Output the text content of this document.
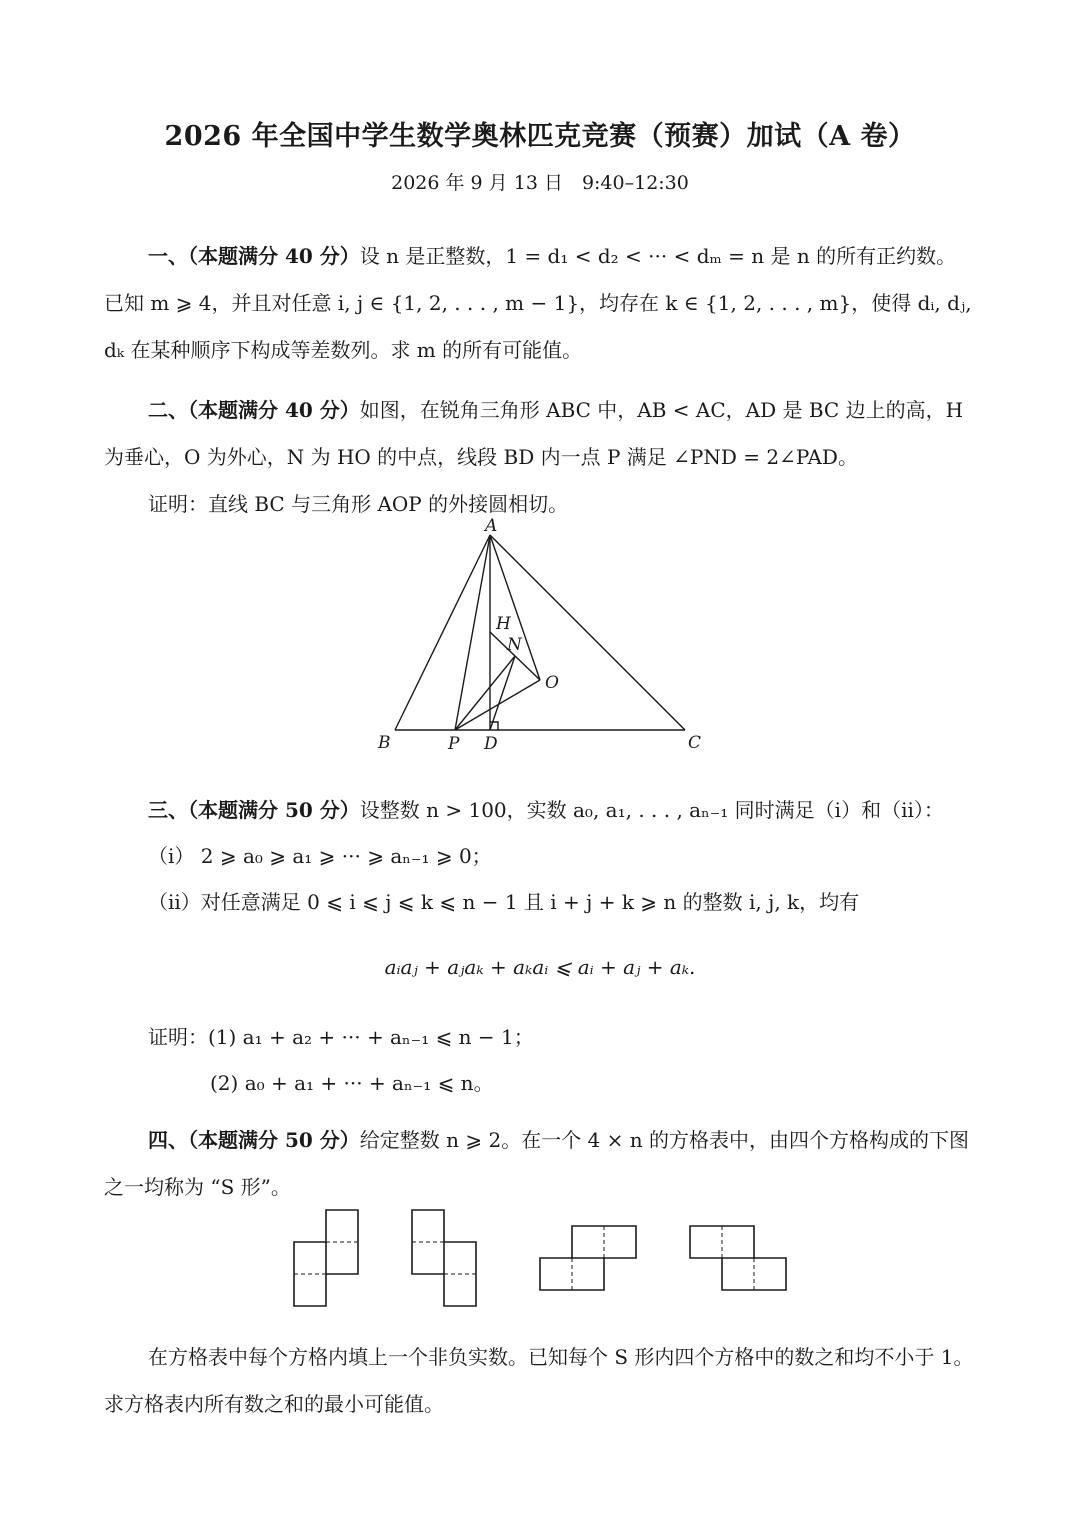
2026 年全国中学生数学奥林匹克竞赛（预赛）加试（A 卷）
2026 年 9 月 13 日　9:40–12:30
一、（本题满分 40 分）设 n 是正整数，1 = d₁ < d₂ < ··· < dₘ = n 是 n 的所有正约数。已知 m ⩾ 4，并且对任意 i, j ∈ {1, 2, . . . , m − 1}，均存在 k ∈ {1, 2, . . . , m}，使得 dᵢ, dⱼ, dₖ 在某种顺序下构成等差数列。求 m 的所有可能值。
二、（本题满分 40 分）如图，在锐角三角形 ABC 中，AB < AC，AD 是 BC 边上的高，H 为垂心，O 为外心，N 为 HO 的中点，线段 BD 内一点 P 满足 ∠PND = 2∠PAD。
证明：直线 BC 与三角形 AOP 的外接圆相切。
A
B	C
P D
H
N
O
三、（本题满分 50 分）设整数 n > 100，实数 a₀, a₁, . . . , aₙ₋₁ 同时满足（i）和（ii）：
（i） 2 ⩾ a₀ ⩾ a₁ ⩾ ··· ⩾ aₙ₋₁ ⩾ 0；
（ii）对任意满足 0 ⩽ i ⩽ j ⩽ k ⩽ n − 1 且 i + j + k ⩾ n 的整数 i, j, k，均有
aᵢaⱼ + aⱼaₖ + aₖaᵢ ⩽ aᵢ + aⱼ + aₖ.
证明：(1) a₁ + a₂ + ··· + aₙ₋₁ ⩽ n − 1；
(2) a₀ + a₁ + ··· + aₙ₋₁ ⩽ n。
四、（本题满分 50 分）给定整数 n ⩾ 2。在一个 4 × n 的方格表中，由四个方格构成的下图之一均称为 “S 形”。
在方格表中每个方格内填上一个非负实数。已知每个 S 形内四个方格中的数之和均不小于 1。求方格表内所有数之和的最小可能值。
